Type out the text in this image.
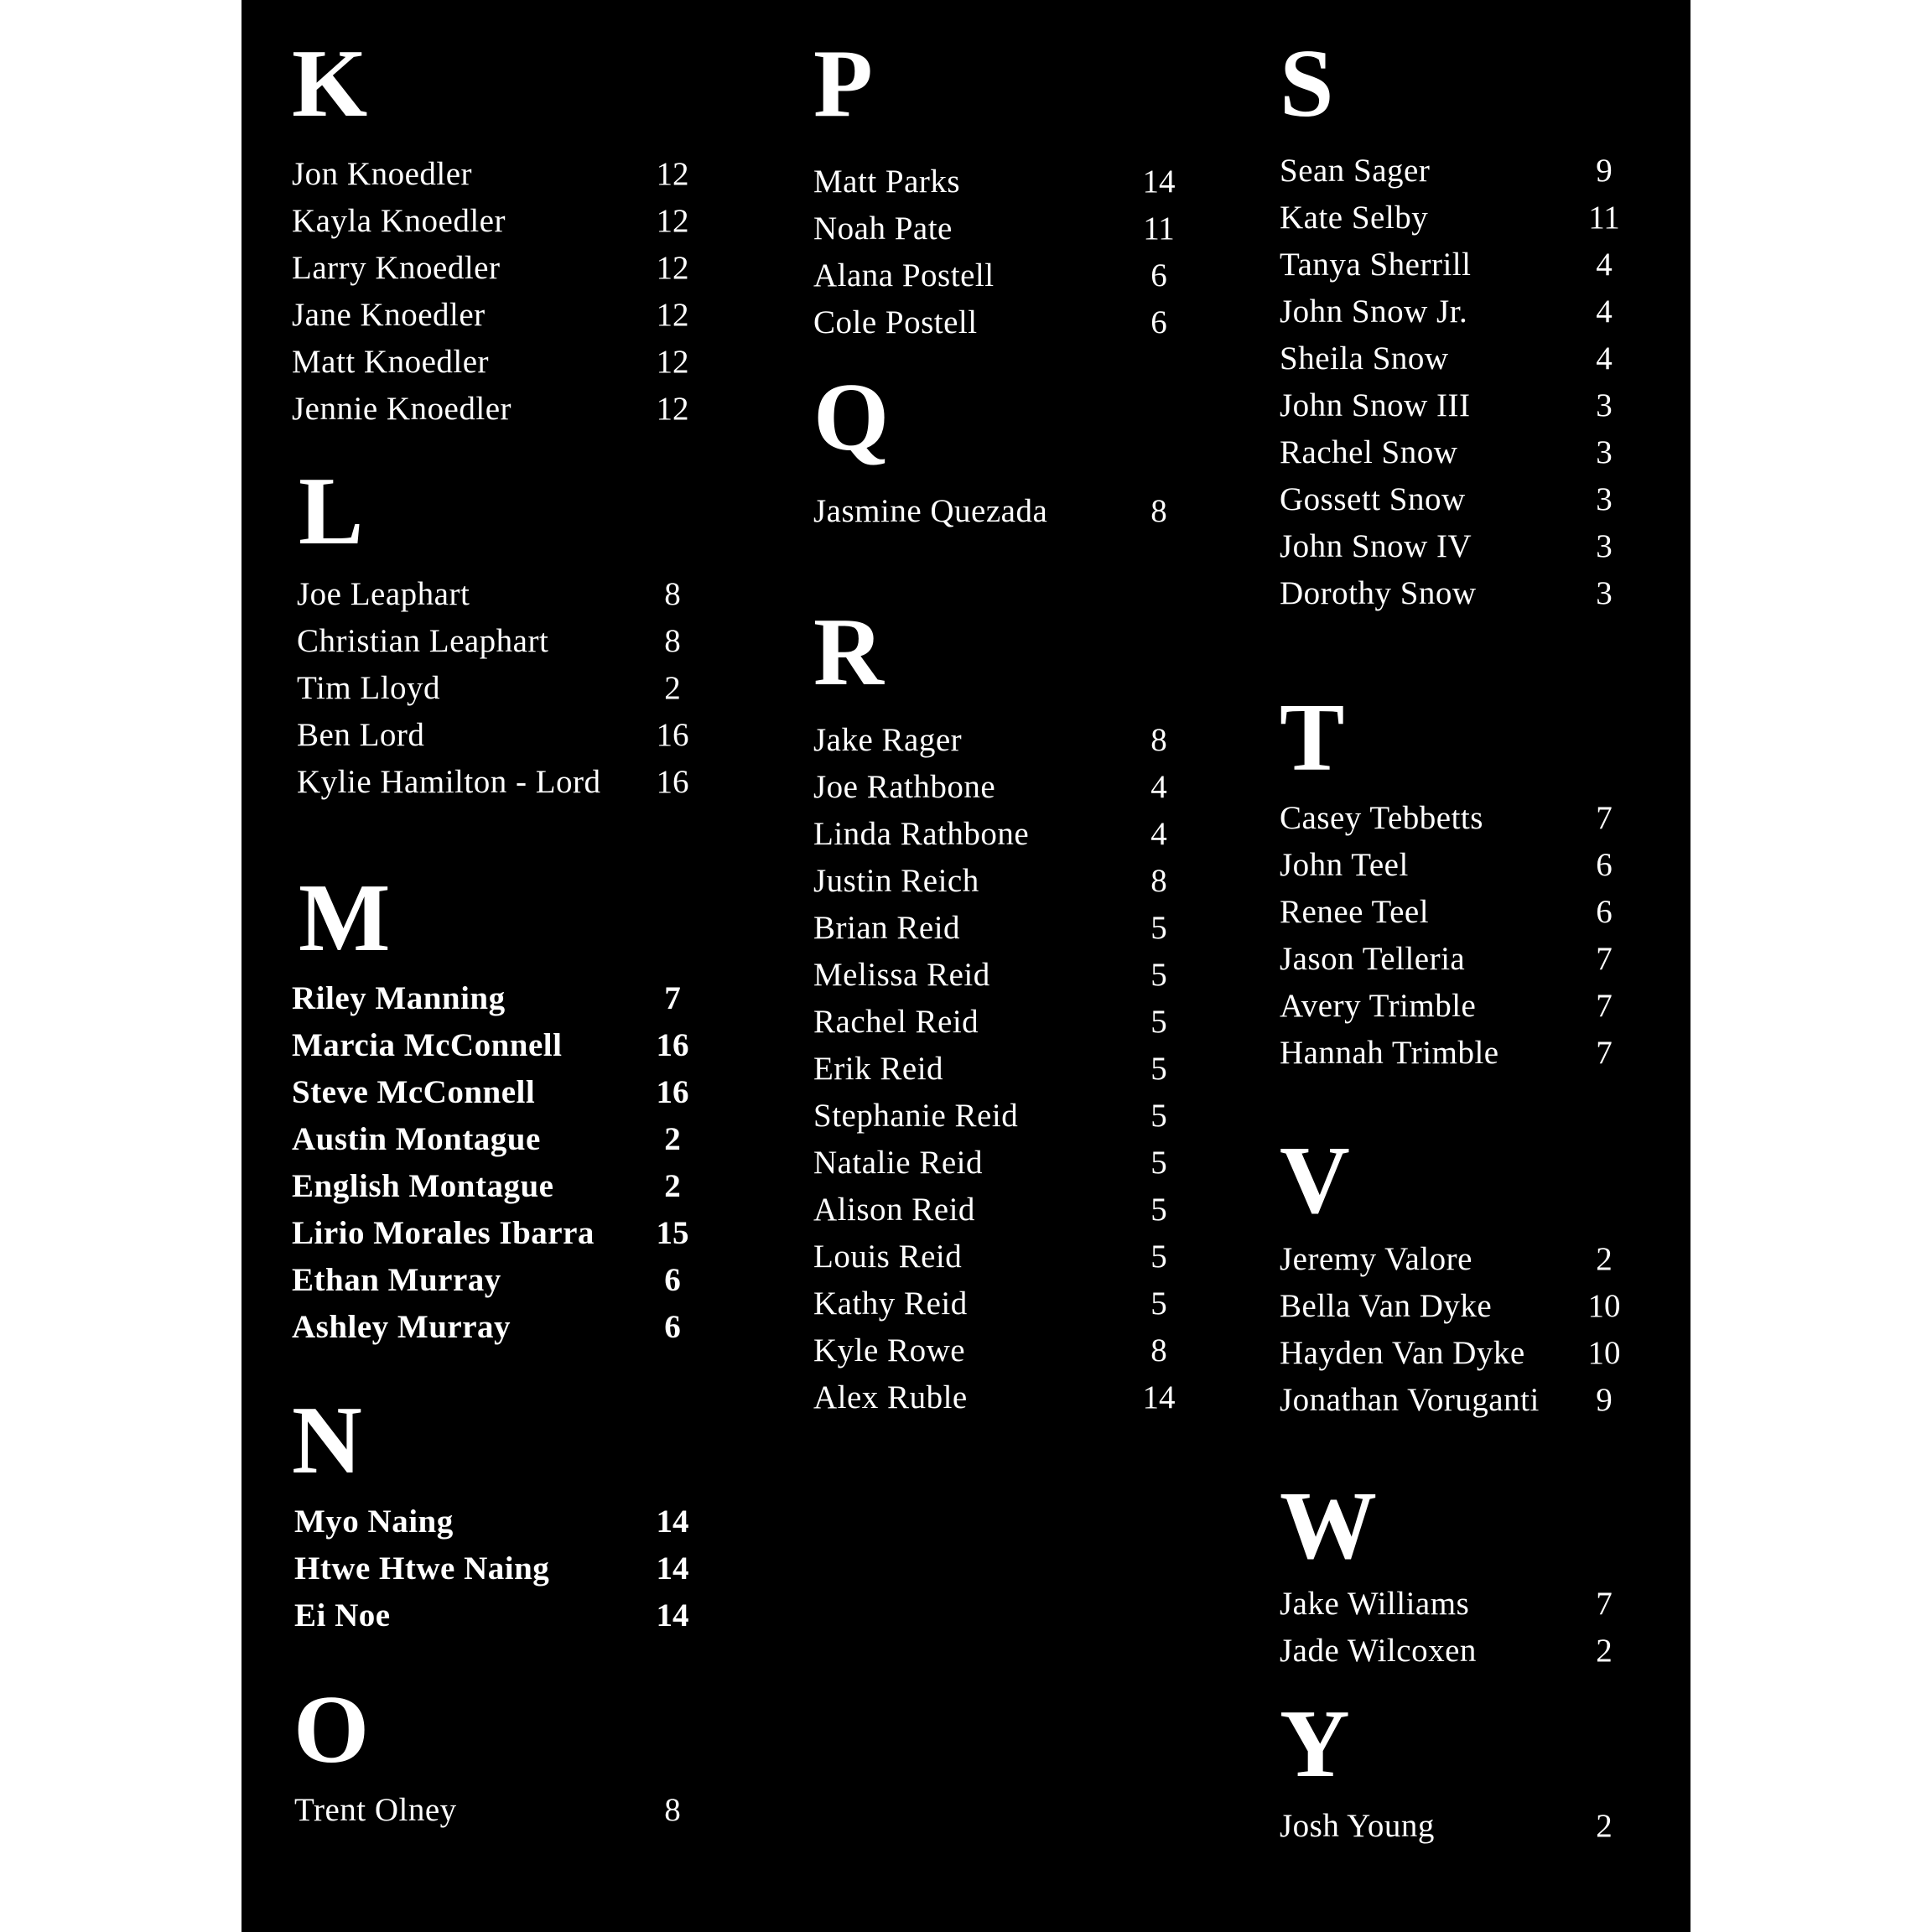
K
Jon Knoedler	12
Kayla Knoedler	12
Larry Knoedler	12
Jane Knoedler	12
Matt Knoedler	12
Jennie Knoedler	12
L
Joe Leaphart	8
Christian Leaphart	8
Tim Lloyd	2
Ben Lord	16
Kylie Hamilton - Lord	16
M
Riley Manning	7
Marcia McConnell	16
Steve McConnell	16
Austin Montague	2
English Montague	2
Lirio Morales Ibarra	15
Ethan Murray	6
Ashley Murray	6
N
Myo Naing	14
Htwe Htwe Naing	14
Ei Noe	14
O
Trent Olney	8
P
Matt Parks	14
Noah Pate	11
Alana Postell	6
Cole Postell	6
Q
Jasmine Quezada	8
R
Jake Rager	8
Joe Rathbone	4
Linda Rathbone	4
Justin Reich	8
Brian Reid	5
Melissa Reid	5
Rachel Reid	5
Erik Reid	5
Stephanie Reid	5
Natalie Reid	5
Alison Reid	5
Louis Reid	5
Kathy Reid	5
Kyle Rowe	8
Alex Ruble	14
S
Sean Sager	9
Kate Selby	11
Tanya Sherrill	4
John Snow Jr.	4
Sheila Snow	4
John Snow III	3
Rachel Snow	3
Gossett Snow	3
John Snow IV	3
Dorothy Snow	3
T
Casey Tebbetts	7
John Teel	6
Renee Teel	6
Jason Telleria	7
Avery Trimble	7
Hannah Trimble	7
V
Jeremy Valore	2
Bella Van Dyke	10
Hayden Van Dyke	10
Jonathan Voruganti	9
W
Jake Williams	7
Jade Wilcoxen	2
Y
Josh Young	2
